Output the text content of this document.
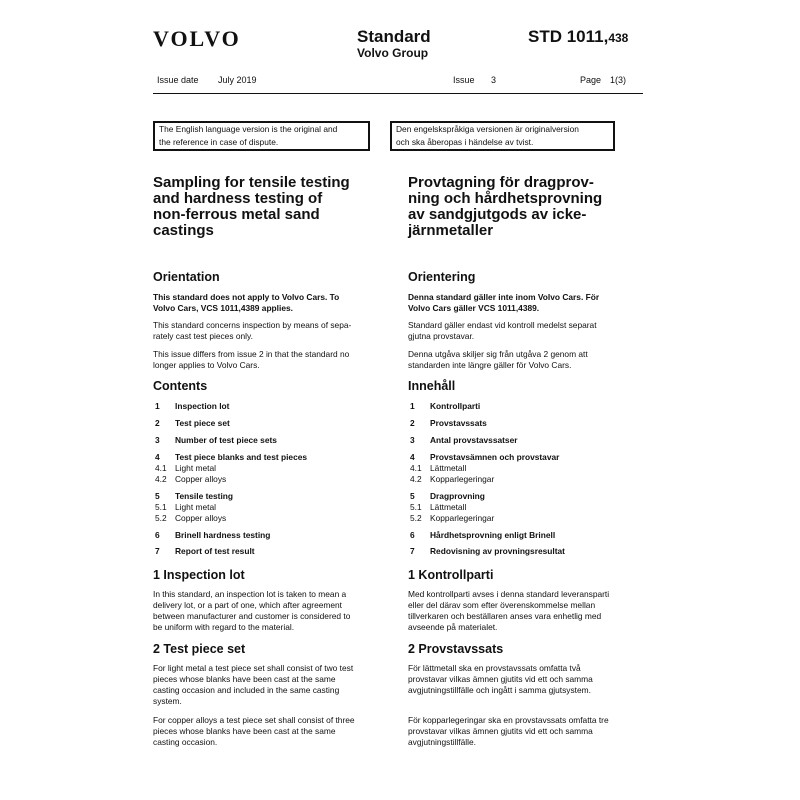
VOLVO	Standard
Volvo Group
STD 1011,438
Issue date July 2019	Issue 3	Page 1(3)
The English language version is the original and
the reference in case of dispute.
Den engelskspråkiga versionen är originalversion
och ska åberopas i händelse av tvist.
Sampling for tensile testing
and hardness testing of
non-ferrous metal sand
castings
Orientation
This standard does not apply to Volvo Cars. To
Volvo Cars, VCS 1011,4389 applies.
This standard concerns inspection by means of sepa-
rately cast test pieces only.
This issue differs from issue 2 in that the standard no
longer applies to Volvo Cars.
Contents
1 Inspection lot
2 Test piece set
3 Number of test piece sets
4 Test piece blanks and test pieces
4.1 Light metal
4.2 Copper alloys
5 Tensile testing
5.1 Light metal
5.2 Copper alloys
6 Brinell hardness testing
7 Report of test result
1 Inspection lot
In this standard, an inspection lot is taken to mean a
delivery lot, or a part of one, which after agreement
between manufacturer and customer is considered to
be uniform with regard to the material.
2 Test piece set
For light metal a test piece set shall consist of two test
pieces whose blanks have been cast at the same
casting occasion and included in the same casting
system.
For copper alloys a test piece set shall consist of three
pieces whose blanks have been cast at the same
casting occasion.
Provtagning för dragprov-
ning och hårdhetsprovning
av sandgjutgods av icke-
järnmetaller
Orientering
Denna standard gäller inte inom Volvo Cars. För
Volvo Cars gäller VCS 1011,4389.
Standard gäller endast vid kontroll medelst separat
gjutna provstavar.
Denna utgåva skiljer sig från utgåva 2 genom att
standarden inte längre gäller för Volvo Cars.
Innehåll
1 Kontrollparti
2 Provstavssats
3 Antal provstavssatser
4 Provstavsämnen och provstavar
4.1 Lättmetall
4.2 Kopparlegeringar
5 Dragprovning
5.1 Lättmetall
5.2 Kopparlegeringar
6 Hårdhetsprovning enligt Brinell
7 Redovisning av provningsresultat
1 Kontrollparti
Med kontrollparti avses i denna standard leveransparti
eller del därav som efter överenskommelse mellan
tillverkaren och beställaren anses vara enhetlig med
avseende på materialet.
2 Provstavssats
För lättmetall ska en provstavssats omfatta två
provstavar vilkas ämnen gjutits vid ett och samma
avgjutningstillfälle och ingått i samma gjutsystem.
För kopparlegeringar ska en provstavssats omfatta tre
provstavar vilkas ämnen gjutits vid ett och samma
avgjutningstillfälle.
